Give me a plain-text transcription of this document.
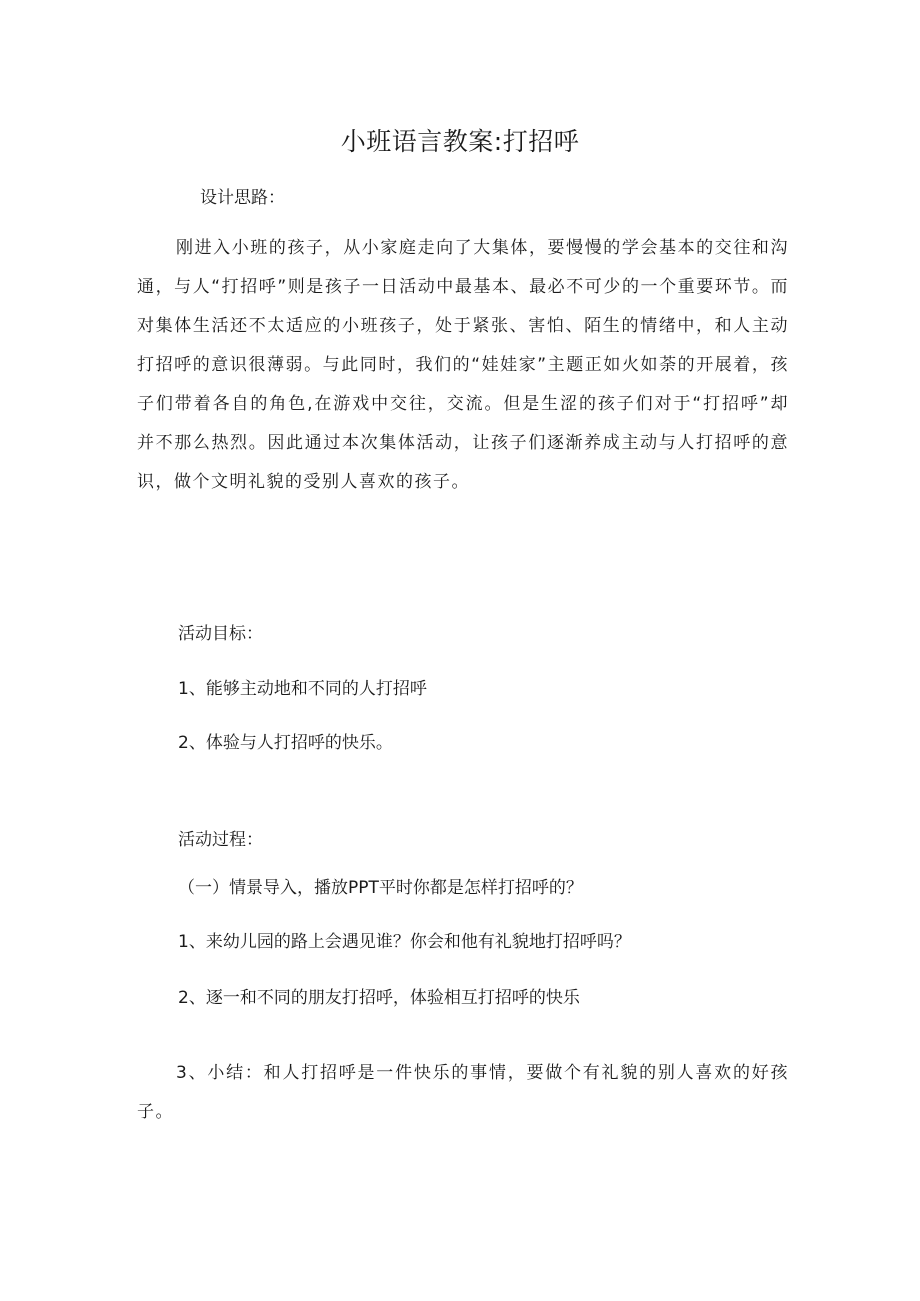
小班语言教案:打招呼

设计思路：

刚进入小班的孩子，从小家庭走向了大集体，要慢慢的学会基本的交往和沟通，与人“打招呼”则是孩子一日活动中最基本、最必不可少的一个重要环节。而对集体生活还不太适应的小班孩子，处于紧张、害怕、陌生的情绪中，和人主动打招呼的意识很薄弱。与此同时，我们的“娃娃家”主题正如火如荼的开展着，孩子们带着各自的角色,在游戏中交往，交流。但是生涩的孩子们对于“打招呼”却并不那么热烈。因此通过本次集体活动，让孩子们逐渐养成主动与人打招呼的意识，做个文明礼貌的受别人喜欢的孩子。

活动目标：

1、能够主动地和不同的人打招呼

2、体验与人打招呼的快乐。

活动过程：

（一）情景导入，播放PPT平时你都是怎样打招呼的？

1、来幼儿园的路上会遇见谁？你会和他有礼貌地打招呼吗？

2、逐一和不同的朋友打招呼，体验相互打招呼的快乐

3、小结：和人打招呼是一件快乐的事情，要做个有礼貌的别人喜欢的好孩子。
